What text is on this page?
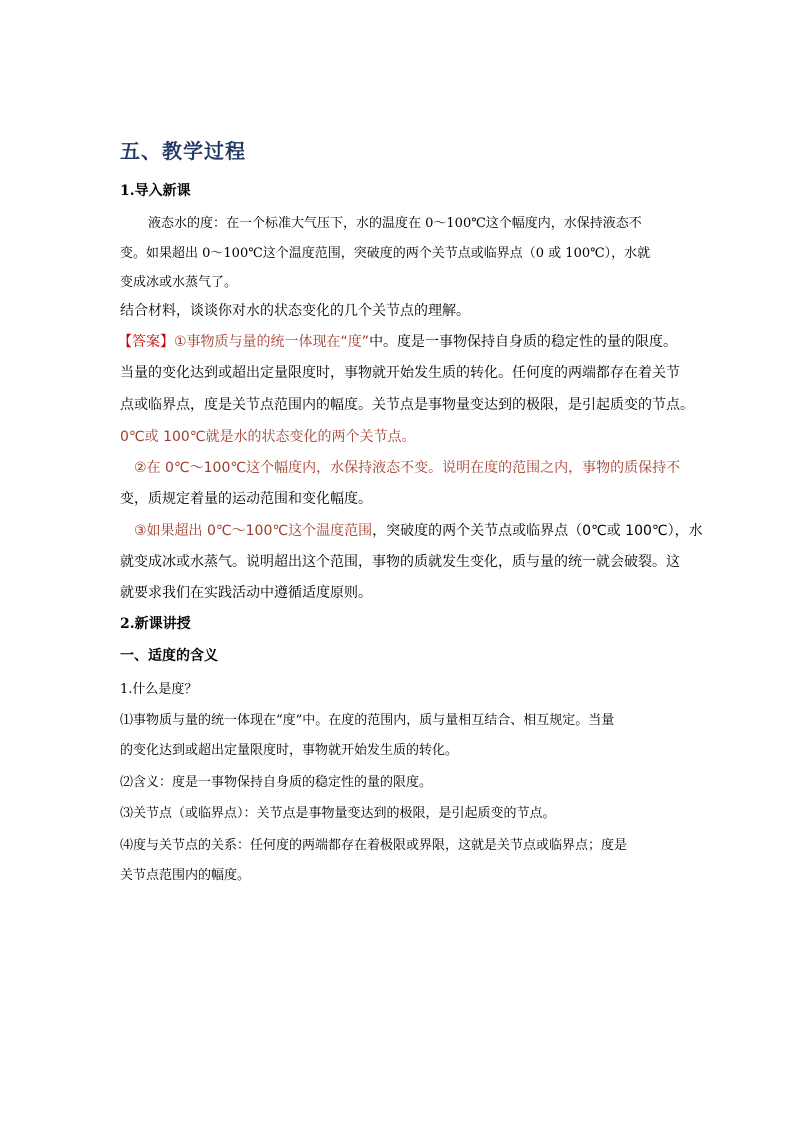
五、教学过程
1.导入新课
液态水的度：在一个标准大气压下，水的温度在 0～100℃这个幅度内，水保持液态不
变。如果超出 0～100℃这个温度范围，突破度的两个关节点或临界点（0 或 100℃），水就
变成冰或水蒸气了。
结合材料，谈谈你对水的状态变化的几个关节点的理解。
【答案】①事物质与量的统一体现在“度”中。度是一事物保持自身质的稳定性的量的限度。
当量的变化达到或超出定量限度时，事物就开始发生质的转化。任何度的两端都存在着关节
点或临界点，度是关节点范围内的幅度。关节点是事物量变达到的极限，是引起质变的节点。
0℃或 100℃就是水的状态变化的两个关节点。
②在 0℃～100℃这个幅度内，水保持液态不变。说明在度的范围之内，事物的质保持不
变，质规定着量的运动范围和变化幅度。
③如果超出 0℃～100℃这个温度范围，突破度的两个关节点或临界点（0℃或 100℃），水
就变成冰或水蒸气。说明超出这个范围，事物的质就发生变化，质与量的统一就会破裂。这
就要求我们在实践活动中遵循适度原则。
2.新课讲授
一、适度的含义
1.什么是度？
⑴事物质与量的统一体现在“度”中。在度的范围内，质与量相互结合、相互规定。当量
的变化达到或超出定量限度时，事物就开始发生质的转化。
⑵含义：度是一事物保持自身质的稳定性的量的限度。
⑶关节点（或临界点）：关节点是事物量变达到的极限，是引起质变的节点。
⑷度与关节点的关系：任何度的两端都存在着极限或界限，这就是关节点或临界点；度是
关节点范围内的幅度。
